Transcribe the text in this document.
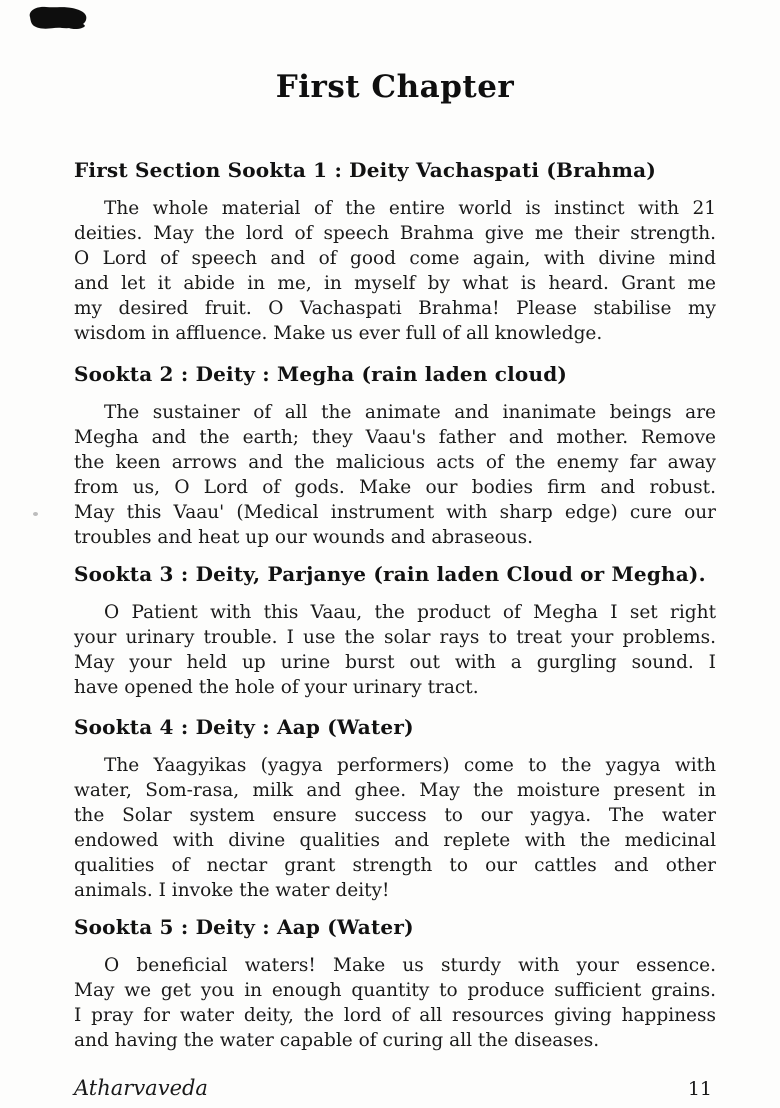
First Chapter
First Section Sookta 1 : Deity Vachaspati (Brahma)
The whole material of the entire world is instinct with 21
deities. May the lord of speech Brahma give me their strength.
O Lord of speech and of good come again, with divine mind
and let it abide in me, in myself by what is heard. Grant me
my desired fruit. O Vachaspati Brahma! Please stabilise my
wisdom in affluence. Make us ever full of all knowledge.
Sookta 2 : Deity : Megha (rain laden cloud)
The sustainer of all the animate and inanimate beings are
Megha and the earth; they Vaau's father and mother. Remove
the keen arrows and the malicious acts of the enemy far away
from us, O Lord of gods. Make our bodies firm and robust.
May this Vaau' (Medical instrument with sharp edge) cure our
troubles and heat up our wounds and abraseous.
Sookta 3 : Deity, Parjanye (rain laden Cloud or Megha).
O Patient with this Vaau, the product of Megha I set right
your urinary trouble. I use the solar rays to treat your problems.
May your held up urine burst out with a gurgling sound. I
have opened the hole of your urinary tract.
Sookta 4 : Deity : Aap (Water)
The Yaagyikas (yagya performers) come to the yagya with
water, Som-rasa, milk and ghee. May the moisture present in
the Solar system ensure success to our yagya. The water
endowed with divine qualities and replete with the medicinal
qualities of nectar grant strength to our cattles and other
animals. I invoke the water deity!
Sookta 5 : Deity : Aap (Water)
O beneficial waters! Make us sturdy with your essence.
May we get you in enough quantity to produce sufficient grains.
I pray for water deity, the lord of all resources giving happiness
and having the water capable of curing all the diseases.
Atharvaveda	11
